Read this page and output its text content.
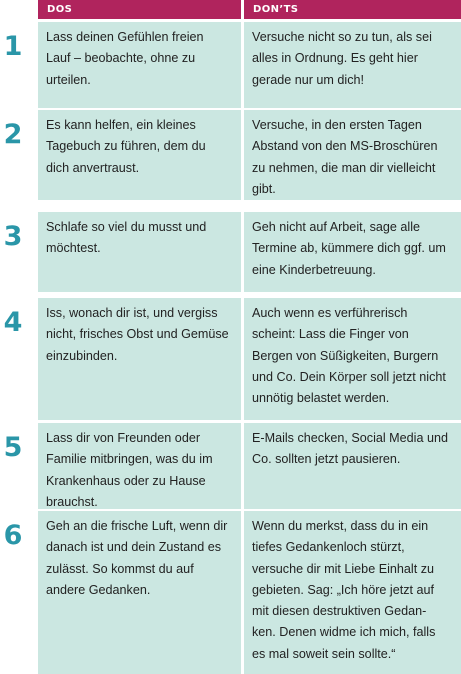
DOS	DON’TS
1 Lass deinen Gefühlen freien
Lauf – beobachte, ohne zu
urteilen.
Versuche nicht so zu tun, als sei
alles in Ordnung. Es geht hier
gerade nur um dich!
2 Es kann helfen, ein kleines
Tagebuch zu führen, dem du
dich anvertraust.
Versuche, in den ersten Tagen
Abstand von den MS-Broschüren
zu nehmen, die man dir vielleicht
gibt.
3 Schlafe so viel du musst und
möchtest.
Geh nicht auf Arbeit, sage alle
Termine ab, kümmere dich ggf. um
eine Kinderbetreuung.
4 Iss, wonach dir ist, und vergiss
nicht, frisches Obst und Gemüse
einzubinden.
Auch wenn es verführerisch
scheint: Lass die Finger von
Bergen von Süßigkeiten, Burgern
und Co. Dein Körper soll jetzt nicht
unnötig belastet werden.
5 Lass dir von Freunden oder
Familie mitbringen, was du im
Krankenhaus oder zu Hause
brauchst.
E-Mails checken, Social Media und
Co. sollten jetzt pausieren.
6 Geh an die frische Luft, wenn dir
danach ist und dein Zustand es
zulässt. So kommst du auf
andere Gedanken.
Wenn du merkst, dass du in ein
tiefes Gedankenloch stürzt,
versuche dir mit Liebe Einhalt zu
gebieten. Sag: „Ich höre jetzt auf
mit diesen destruktiven Gedan-
ken. Denen widme ich mich, falls
es mal soweit sein sollte.“
